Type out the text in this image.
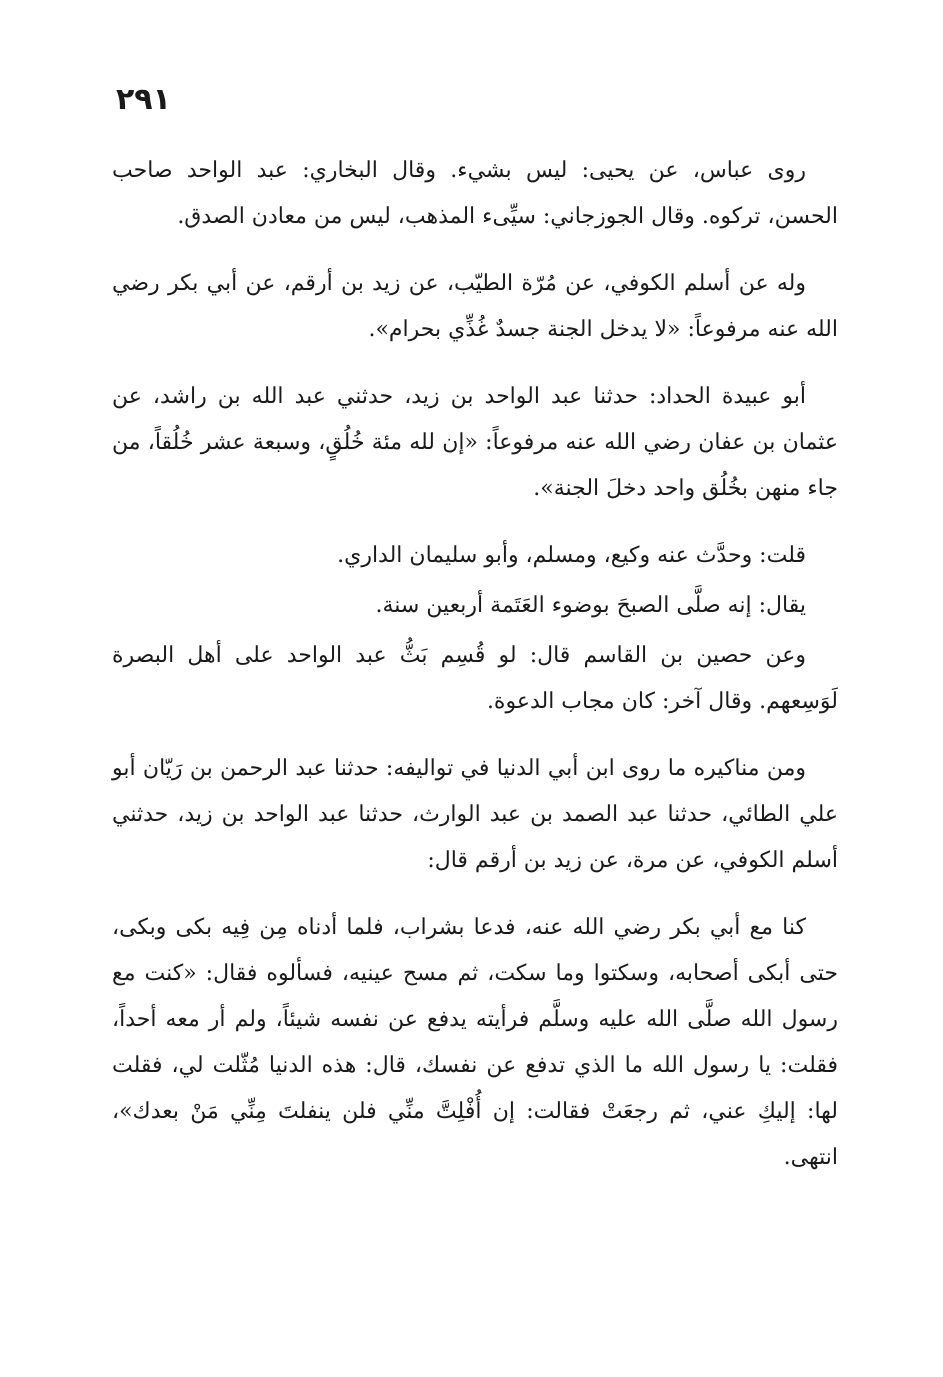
٢٩١

روى عباس، عن يحيى: ليس بشيء. وقال البخاري: عبد الواحد صاحب الحسن، تركوه. وقال الجوزجاني: سيِّىء المذهب، ليس من معادن الصدق.

وله عن أسلم الكوفي، عن مُرّة الطيّب، عن زيد بن أرقم، عن أبي بكر رضي الله عنه مرفوعاً: «لا يدخل الجنة جسدٌ غُذِّي بحرام».

أبو عبيدة الحداد: حدثنا عبد الواحد بن زيد، حدثني عبد الله بن راشد، عن عثمان بن عفان رضي الله عنه مرفوعاً: «إن لله مئة خُلُقٍ، وسبعة عشر خُلُقاً، من جاء منهن بخُلُق واحد دخلَ الجنة».

قلت: وحدَّث عنه وكيع، ومسلم، وأبو سليمان الداري.

يقال: إنه صلَّى الصبحَ بوضوء العَتَمة أربعين سنة.

وعن حصين بن القاسم قال: لو قُسِم بَثُّ عبد الواحد على أهل البصرة لَوَسِعهم. وقال آخر: كان مجاب الدعوة.

ومن مناكيره ما روى ابن أبي الدنيا في تواليفه: حدثنا عبد الرحمن بن رَيّان أبو علي الطائي، حدثنا عبد الصمد بن عبد الوارث، حدثنا عبد الواحد بن زيد، حدثني أسلم الكوفي، عن مرة، عن زيد بن أرقم قال:

كنا مع أبي بكر رضي الله عنه، فدعا بشراب، فلما أدناه مِن فِيه بكى وبكى، حتى أبكى أصحابه، وسكتوا وما سكت، ثم مسح عينيه، فسألوه فقال: «كنت مع رسول الله صلَّى الله عليه وسلَّم فرأيته يدفع عن نفسه شيئاً، ولم أر معه أحداً، فقلت: يا رسول الله ما الذي تدفع عن نفسك، قال: هذه الدنيا مُثّلت لي، فقلت لها: إليكِ عني، ثم رجعَتْ فقالت: إن أُفْلِتَّ منِّي فلن ينفلتَ مِنِّي مَنْ بعدك»، انتهى.
